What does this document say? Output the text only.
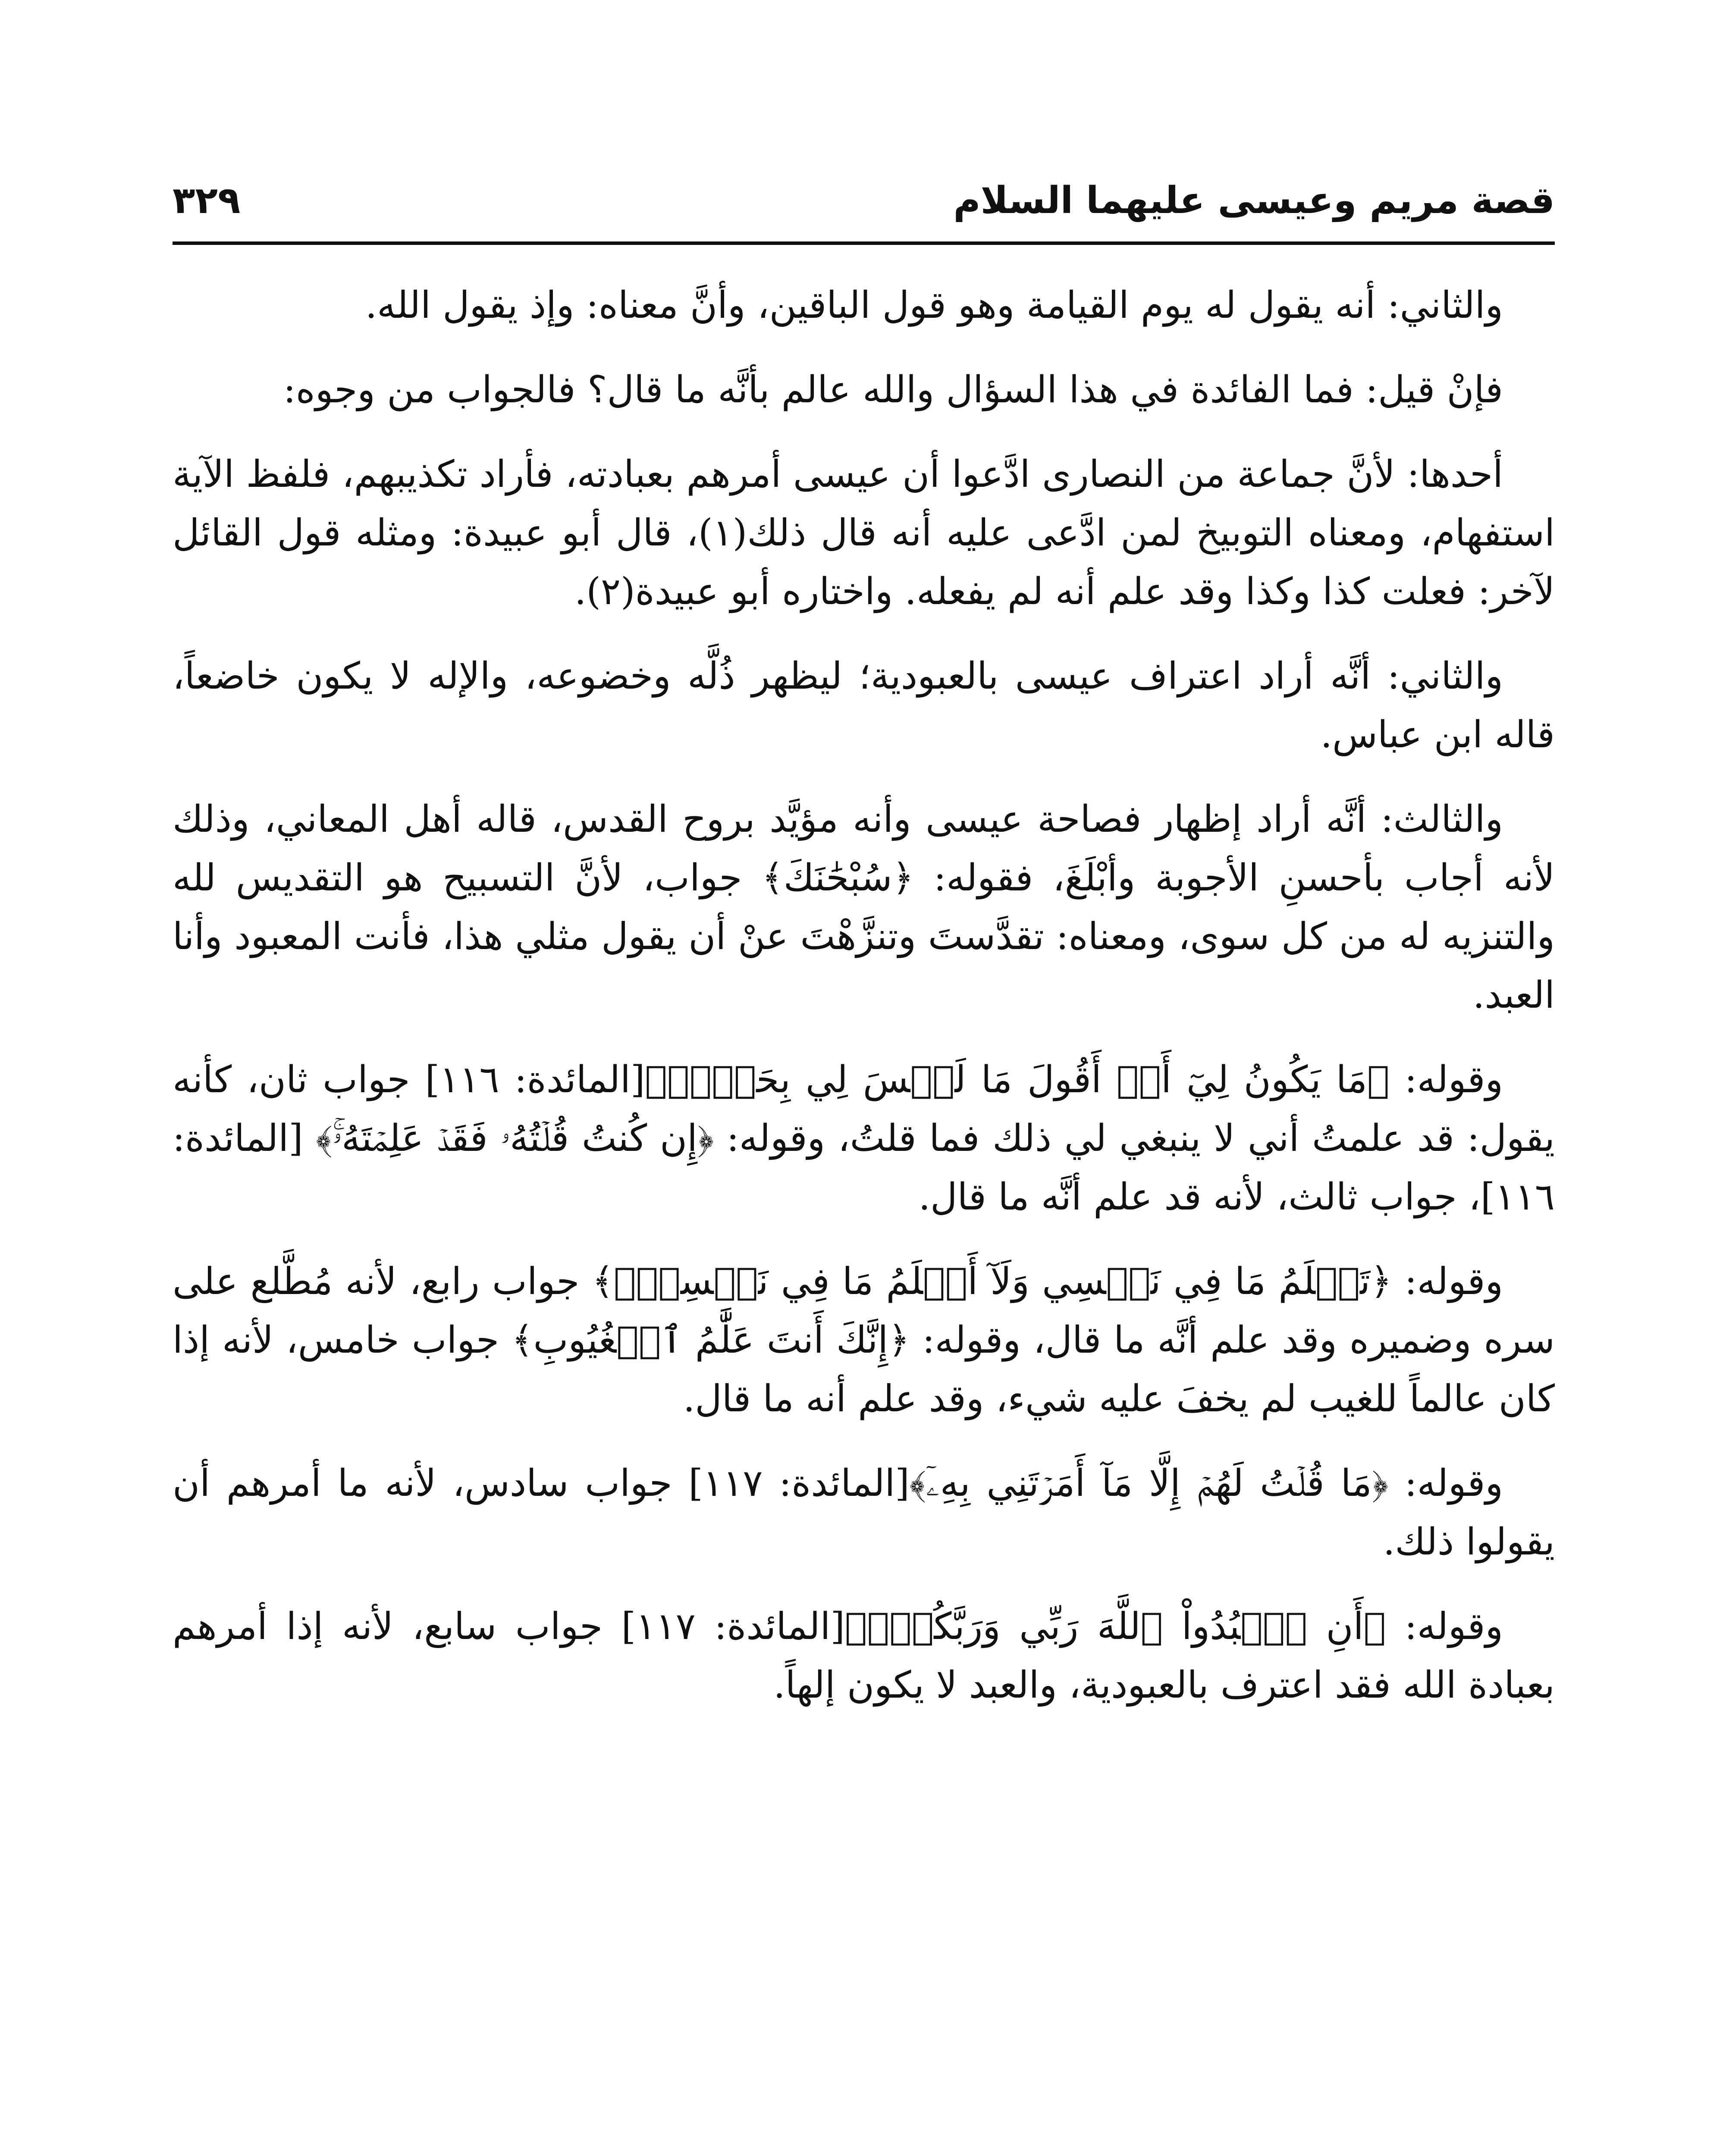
قصة مريم وعيسى عليهما السلام
٣٢٩

والثاني: أنه يقول له يوم القيامة وهو قول الباقين، وأنَّ معناه: وإذ يقول الله.

فإنْ قيل: فما الفائدة في هذا السؤال والله عالم بأنَّه ما قال؟ فالجواب من وجوه:

أحدها: لأنَّ جماعة من النصارى ادَّعوا أن عيسى أمرهم بعبادته، فأراد تكذيبهم، فلفظ الآية استفهام، ومعناه التوبيخ لمن ادَّعى عليه أنه قال ذلك(١)، قال أبو عبيدة: ومثله قول القائل لآخر: فعلت كذا وكذا وقد علم أنه لم يفعله. واختاره أبو عبيدة(٢).

والثاني: أنَّه أراد اعتراف عيسى بالعبودية؛ ليظهر ذُلَّه وخضوعه، والإله لا يكون خاضعاً، قاله ابن عباس.

والثالث: أنَّه أراد إظهار فصاحة عيسى وأنه مؤيَّد بروح القدس، قاله أهل المعاني، وذلك لأنه أجاب بأحسنِ الأجوبة وأبْلَغَ، فقوله: ﴿سُبْحَٰنَكَ﴾ جواب، لأنَّ التسبيح هو التقديس لله والتنزيه له من كل سوى، ومعناه: تقدَّستَ وتنزَّهْتَ عنْ أن يقول مثلي هذا، فأنت المعبود وأنا العبد.

وقوله: ﴿مَا يَكُونُ لِيٓ أَنۡ أَقُولَ مَا لَيۡسَ لِي بِحَقٍّۚ﴾[المائدة: ١١٦] جواب ثان، كأنه يقول: قد علمتُ أني لا ينبغي لي ذلك فما قلتُ، وقوله: ﴿إِن كُنتُ قُلۡتُهُۥ فَقَدۡ عَلِمۡتَهُۥۚ﴾ [المائدة: ١١٦]، جواب ثالث، لأنه قد علم أنَّه ما قال.

وقوله: ﴿تَعۡلَمُ مَا فِي نَفۡسِي وَلَآ أَعۡلَمُ مَا فِي نَفۡسِكَۚ﴾ جواب رابع، لأنه مُطَّلع على سره وضميره وقد علم أنَّه ما قال، وقوله: ﴿إِنَّكَ أَنتَ عَلَّٰمُ ٱلۡغُيُوبِ﴾ جواب خامس، لأنه إذا كان عالماً للغيب لم يخفَ عليه شيء، وقد علم أنه ما قال.

وقوله: ﴿مَا قُلۡتُ لَهُمۡ إِلَّا مَآ أَمَرۡتَنِي بِهِۦٓ﴾[المائدة: ١١٧] جواب سادس، لأنه ما أمرهم أن يقولوا ذلك.

وقوله: ﴿أَنِ ٱعۡبُدُواْ ٱللَّهَ رَبِّي وَرَبَّكُمۡۚ﴾[المائدة: ١١٧] جواب سابع، لأنه إذا أمرهم بعبادة الله فقد اعترف بالعبودية، والعبد لا يكون إلهاً.
